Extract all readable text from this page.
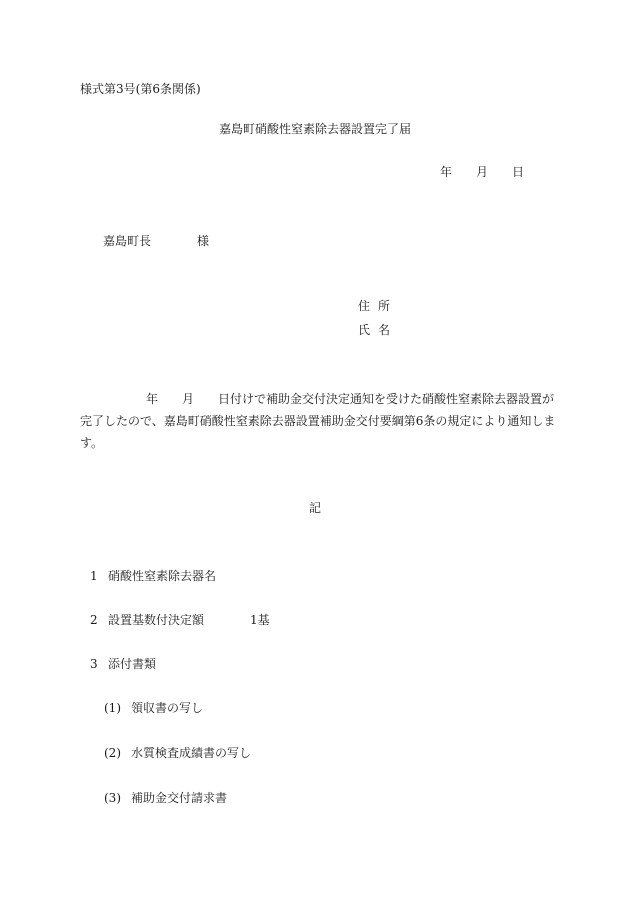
様式第3号(第6条関係)
嘉島町硝酸性窒素除去器設置完了届
年 月 日
嘉島町長	様
住所
氏名
年 月 日付けで補助金交付決定通知を受けた硝酸性窒素除去器設置が
完了したので、嘉島町硝酸性窒素除去器設置補助金交付要綱第6条の規定により通知しま
す。
記
1 硝酸性窒素除去器名
2 設置基数付決定額	1基
3 添付書類
(1) 領収書の写し
(2) 水質検査成績書の写し
(3) 補助金交付請求書
